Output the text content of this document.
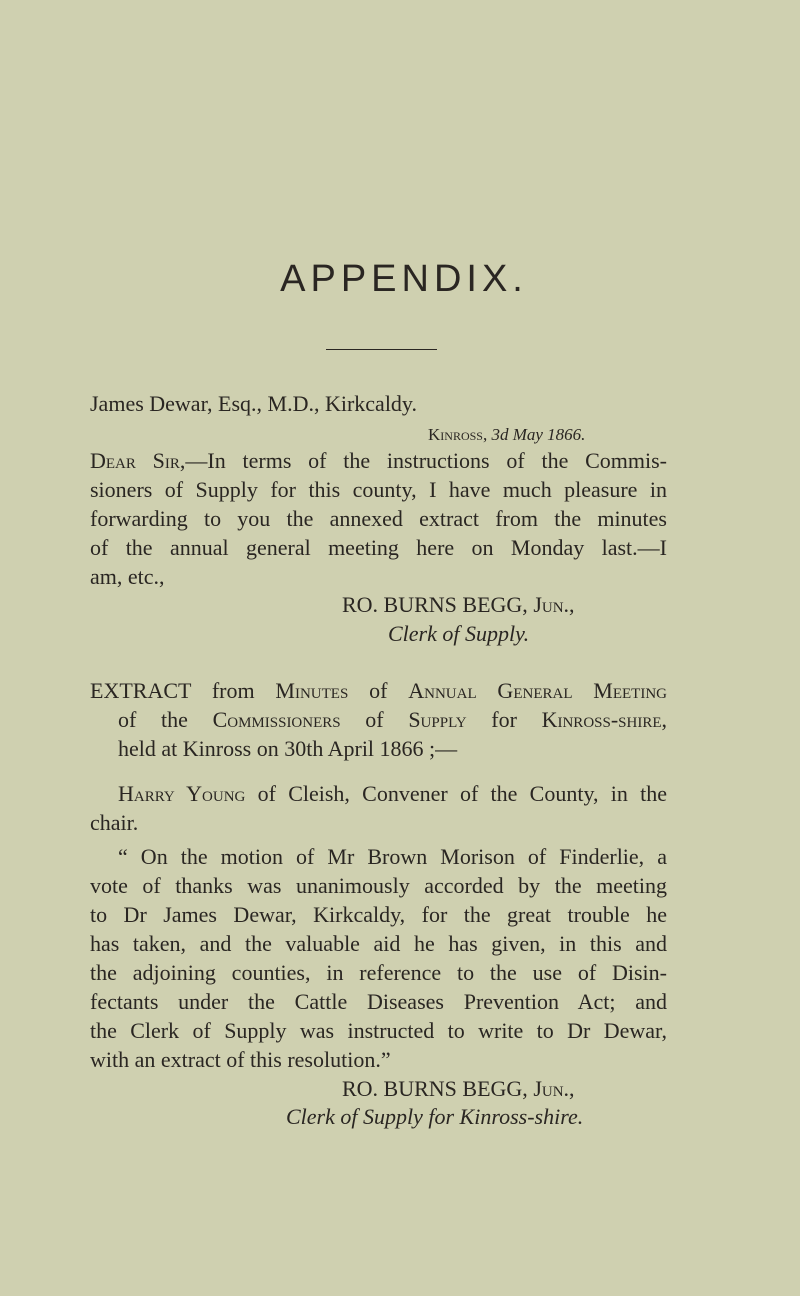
APPENDIX.
James Dewar, Esq., M.D., Kirkcaldy.
Kinross, 3d May 1866.
Dear Sir,—In terms of the instructions of the Commis-
sioners of Supply for this county, I have much pleasure in
forwarding to you the annexed extract from the minutes
of the annual general meeting here on Monday last.—I
am, etc.,
RO. BURNS BEGG, Jun.,
Clerk of Supply.
EXTRACT from Minutes of Annual General Meeting
of the Commissioners of Supply for Kinross-shire,
held at Kinross on 30th April 1866 ;—
Harry Young of Cleish, Convener of the County, in the
chair.
“ On the motion of Mr Brown Morison of Finderlie, a
vote of thanks was unanimously accorded by the meeting
to Dr James Dewar, Kirkcaldy, for the great trouble he
has taken, and the valuable aid he has given, in this and
the adjoining counties, in reference to the use of Disin-
fectants under the Cattle Diseases Prevention Act; and
the Clerk of Supply was instructed to write to Dr Dewar,
with an extract of this resolution.”
RO. BURNS BEGG, Jun.,
Clerk of Supply for Kinross-shire.
